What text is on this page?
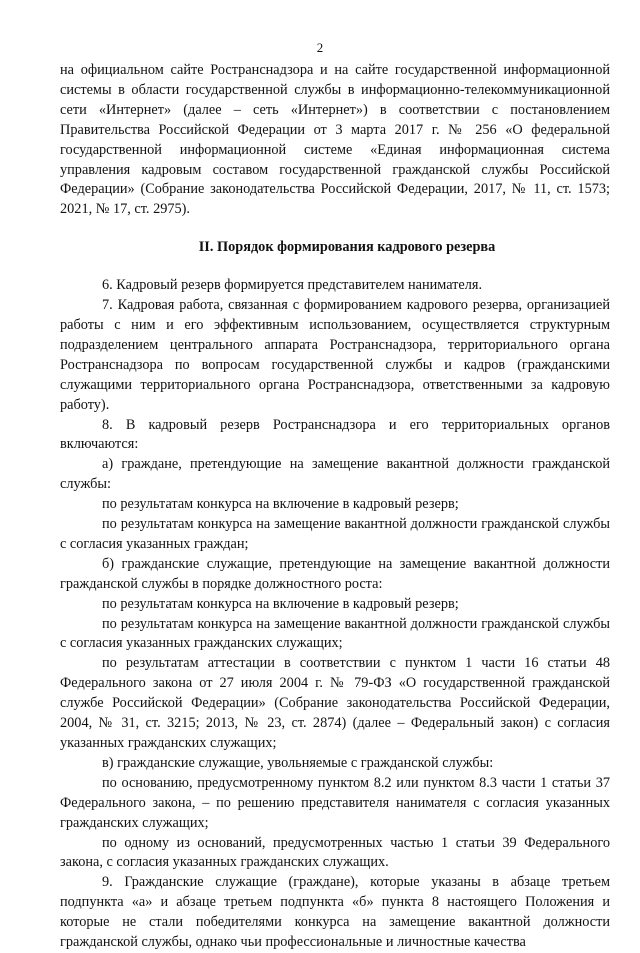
2

на официальном сайте Ространснадзора и на сайте государственной информационной системы в области государственной службы в информационно-телекоммуникационной сети «Интернет» (далее – сеть «Интернет») в соответствии с постановлением Правительства Российской Федерации от 3 марта 2017 г. № 256 «О федеральной государственной информационной системе «Единая информационная система управления кадровым составом государственной гражданской службы Российской Федерации» (Собрание законодательства Российской Федерации, 2017, № 11, ст. 1573; 2021, № 17, ст. 2975).

II. Порядок формирования кадрового резерва

6. Кадровый резерв формируется представителем нанимателя.

7. Кадровая работа, связанная с формированием кадрового резерва, организацией работы с ним и его эффективным использованием, осуществляется структурным подразделением центрального аппарата Ространснадзора, территориального органа Ространснадзора по вопросам государственной службы и кадров (гражданскими служащими территориального органа Ространснадзора, ответственными за кадровую работу).

8. В кадровый резерв Ространснадзора и его территориальных органов включаются:

а) граждане, претендующие на замещение вакантной должности гражданской службы:

по результатам конкурса на включение в кадровый резерв;

по результатам конкурса на замещение вакантной должности гражданской службы с согласия указанных граждан;

б) гражданские служащие, претендующие на замещение вакантной должности гражданской службы в порядке должностного роста:

по результатам конкурса на включение в кадровый резерв;

по результатам конкурса на замещение вакантной должности гражданской службы с согласия указанных гражданских служащих;

по результатам аттестации в соответствии с пунктом 1 части 16 статьи 48 Федерального закона от 27 июля 2004 г. № 79-ФЗ «О государственной гражданской службе Российской Федерации» (Собрание законодательства Российской Федерации, 2004, № 31, ст. 3215; 2013, № 23, ст. 2874) (далее – Федеральный закон) с согласия указанных гражданских служащих;

в) гражданские служащие, увольняемые с гражданской службы:

по основанию, предусмотренному пунктом 8.2 или пунктом 8.3 части 1 статьи 37 Федерального закона, – по решению представителя нанимателя с согласия указанных гражданских служащих;

по одному из оснований, предусмотренных частью 1 статьи 39 Федерального закона, с согласия указанных гражданских служащих.

9. Гражданские служащие (граждане), которые указаны в абзаце третьем подпункта «а» и абзаце третьем подпункта «б» пункта 8 настоящего Положения и которые не стали победителями конкурса на замещение вакантной должности гражданской службы, однако чьи профессиональные и личностные качества
